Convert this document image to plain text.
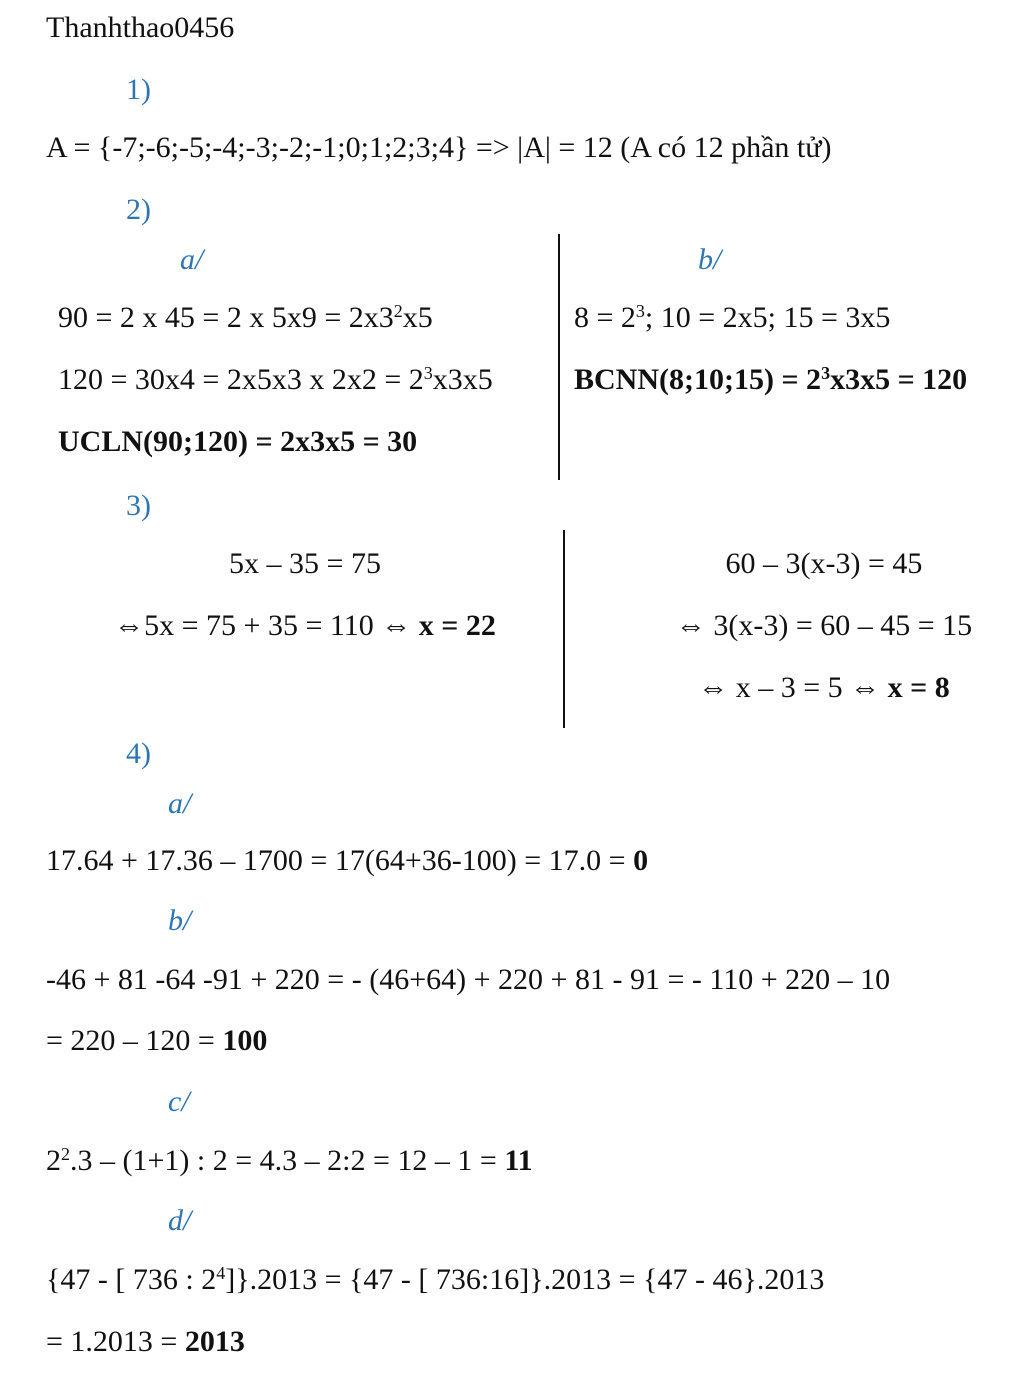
Thanhthao0456
1)
A = {-7;-6;-5;-4;-3;-2;-1;0;1;2;3;4} => |A| = 12 (A có 12 phần tử)
2)
a/
90 = 2 x 45 = 2 x $5x9 = 2x3^2x5$
120 = 30x4 = 2x5x3 x $2x2 = 2^3x3x5$
UCLN(90;120) = 2x3x5 = 30
b/
$8 = 2^3$; 10 = 2x5; 15 = 3x5
BCNN(8;10;15) = $2^3x3x5 = 120$
3)
5x – 35 = 75
⇔5x = 75 + 35 = 110 ⇔ x = 22
60 – 3(x-3) = 45
⇔ 3(x-3) = 60 – 45 = 15
⇔ x – 3 = 5 ⇔ x = 8
4)
a/
17.64 + 17.36 – 1700 = 17(64+36-100) = 17.0 = 0
b/
-46 + 81 -64 -91 + 220 = - (46+64) + 220 + 81 - 91 = - 110 + 220 – 10
= 220 – 120 = 100
c/
$2^2.3 - (1+1)$ : 2 = 4.3 – 2:2 = 12 – 1 = 11
d/
{47 - [ 736 : $2^4]\}.2013 = \{47$ - [ 736:16]}.2013 = {47 - 46}.2013
= 1.2013 = 2013
